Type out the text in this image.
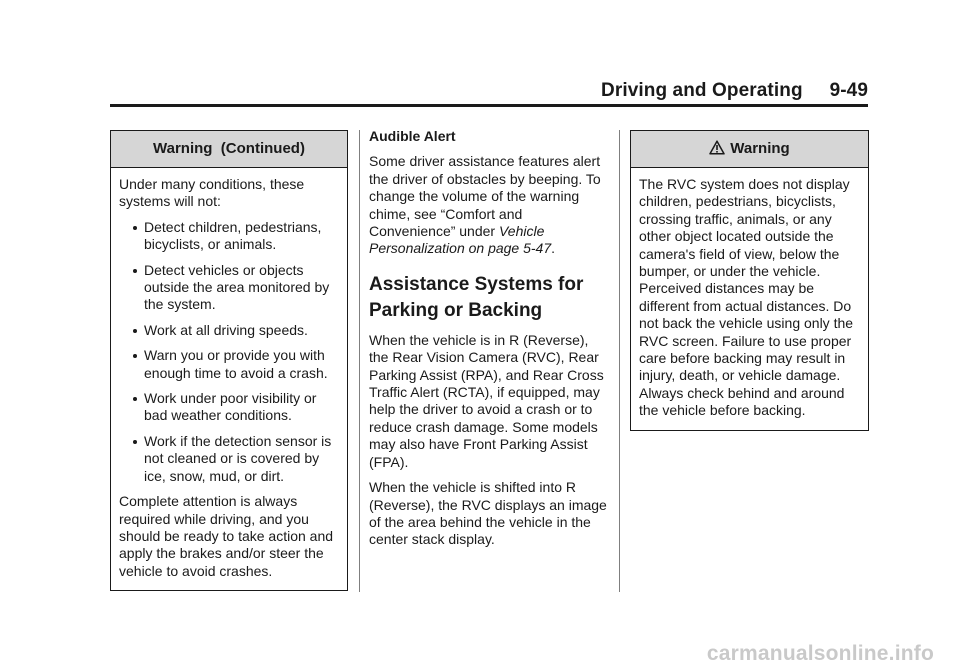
Driving and Operating 9-49
Warning  (Continued)

Under many conditions, these systems will not:

Detect children, pedestrians, bicyclists, or animals.
Detect vehicles or objects outside the area monitored by the system.
Work at all driving speeds.
Warn you or provide you with enough time to avoid a crash.
Work under poor visibility or bad weather conditions.
Work if the detection sensor is not cleaned or is covered by ice, snow, mud, or dirt.

Complete attention is always required while driving, and you should be ready to take action and apply the brakes and/or steer the vehicle to avoid crashes.

Audible Alert

Some driver assistance features alert the driver of obstacles by beeping. To change the volume of the warning chime, see “Comfort and Convenience” under Vehicle Personalization on page 5-47.

Assistance Systems for Parking or Backing

When the vehicle is in R (Reverse), the Rear Vision Camera (RVC), Rear Parking Assist (RPA), and Rear Cross Traffic Alert (RCTA), if equipped, may help the driver to avoid a crash or to reduce crash damage. Some models may also have Front Parking Assist (FPA).

When the vehicle is shifted into R (Reverse), the RVC displays an image of the area behind the vehicle in the center stack display.

Warning

The RVC system does not display children, pedestrians, bicyclists, crossing traffic, animals, or any other object located outside the camera's field of view, below the bumper, or under the vehicle. Perceived distances may be different from actual distances. Do not back the vehicle using only the RVC screen. Failure to use proper care before backing may result in injury, death, or vehicle damage. Always check behind and around the vehicle before backing.

carmanualsonline.info
